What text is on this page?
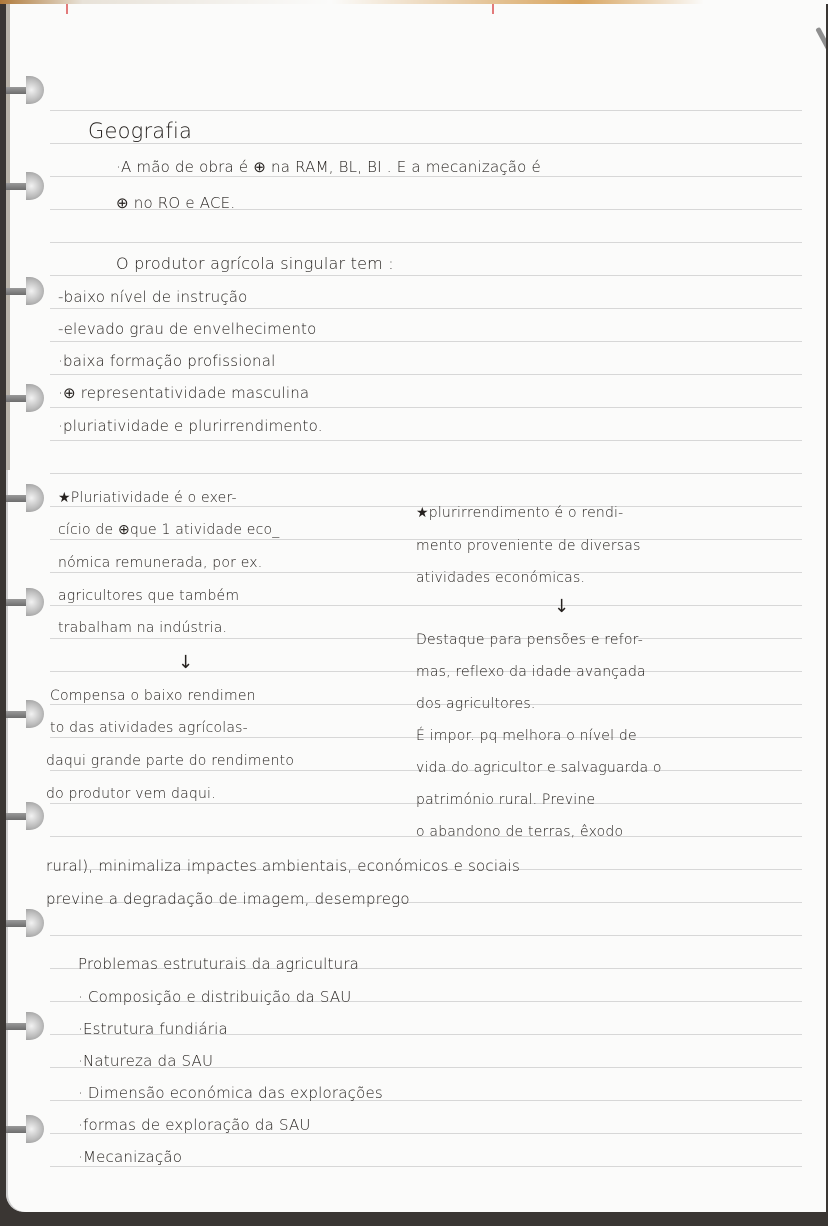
Geografia
·A mão de obra é ⊕ na RAM, BL, BI . E a mecanização é
⊕ no RO e ACE.
O produtor agrícola singular tem :
-baixo nível de instrução
-elevado grau de envelhecimento
·baixa formação profissional
·⊕ representatividade masculina
·pluriatividade e plurirrendimento.
★Pluriatividade é o exer-
cício de ⊕que 1 atividade eco_
nómica remunerada, por ex.
agricultores que também
trabalham na indústria.
↓
Compensa o baixo rendimen
to das atividades agrícolas-
daqui grande parte do rendimento
do produtor vem daqui.
★plurirrendimento é o rendi-
mento proveniente de diversas
atividades económicas.
↓
Destaque para pensões e refor-
mas, reflexo da idade avançada
dos agricultores.
É impor. pq melhora o nível de
vida do agricultor e salvaguarda o
património rural. Previne
o abandono de terras, êxodo
rural), minimaliza impactes ambientais, económicos e sociais
previne a degradação de imagem, desemprego
Problemas estruturais da agricultura
· Composição e distribuição da SAU
·Estrutura fundiária
·Natureza da SAU
· Dimensão económica das explorações
·formas de exploração da SAU
·Mecanização
